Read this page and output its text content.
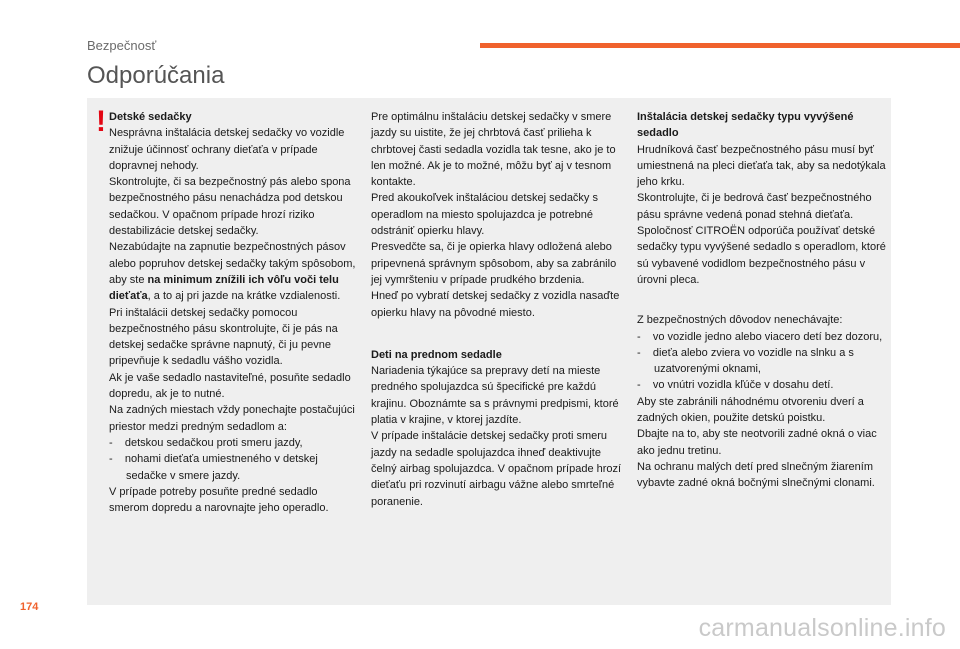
Bezpečnosť
Odporúčania
! Detské sedačky

Nesprávna inštalácia detskej sedačky vo vozidle znižuje účinnosť ochrany dieťaťa v prípade dopravnej nehody.

Skontrolujte, či sa bezpečnostný pás alebo spona bezpečnostného pásu nenachádza pod detskou sedačkou. V opačnom prípade hrozí riziko destabilizácie detskej sedačky.

Nezabúdajte na zapnutie bezpečnostných pásov alebo popruhov detskej sedačky takým spôsobom, aby ste na minimum znížili ich vôľu voči telu dieťaťa, a to aj pri jazde na krátke vzdialenosti.

Pri inštalácii detskej sedačky pomocou bezpečnostného pásu skontrolujte, či je pás na detskej sedačke správne napnutý, či ju pevne pripevňuje k sedadlu vášho vozidla.

Ak je vaše sedadlo nastaviteľné, posuňte sedadlo dopredu, ak je to nutné.

Na zadných miestach vždy ponechajte postačujúci priestor medzi predným sedadlom a:

-    detskou sedačkou proti smeru jazdy,

-    nohami dieťaťa umiestneného v detskej sedačke v smere jazdy.

V prípade potreby posuňte predné sedadlo smerom dopredu a narovnajte jeho operadlo.

Pre optimálnu inštaláciu detskej sedačky v smere jazdy su uistite, že jej chrbtová časť prilieha k chrbtovej časti sedadla vozidla tak tesne, ako je to len možné. Ak je to možné, môžu byť aj v tesnom kontakte.

Pred akoukoľvek inštaláciou detskej sedačky s operadlom na miesto spolujazdca je potrebné odstrániť opierku hlavy.

Presvedčte sa, či je opierka hlavy odložená alebo pripevnená správnym spôsobom, aby sa zabránilo jej vymršteniu v prípade prudkého brzdenia.

Hneď po vybratí detskej sedačky z vozidla nasaďte opierku hlavy na pôvodné miesto.

Deti na prednom sedadle

Nariadenia týkajúce sa prepravy detí na mieste predného spolujazdca sú špecifické pre každú krajinu. Oboznámte sa s právnymi predpismi, ktoré platia v krajine, v ktorej jazdíte.

V prípade inštalácie detskej sedačky proti smeru jazdy na sedadle spolujazdca ihneď deaktivujte čelný airbag spolujazdca. V opačnom prípade hrozí dieťaťu pri rozvinutí airbagu vážne alebo smrteľné poranenie.

Inštalácia detskej sedačky typu vyvýšené sedadlo

Hrudníková časť bezpečnostného pásu musí byť umiestnená na pleci dieťaťa tak, aby sa nedotýkala jeho krku.

Skontrolujte, či je bedrová časť bezpečnostného pásu správne vedená ponad stehná dieťaťa.

Spoločnosť CITROËN odporúča používať detské sedačky typu vyvýšené sedadlo s operadlom, ktoré sú vybavené vodidlom bezpečnostného pásu v úrovni pleca.

Z bezpečnostných dôvodov nenechávajte:

-    vo vozidle jedno alebo viacero detí bez dozoru,

-    dieťa alebo zviera vo vozidle na slnku a s uzatvorenými oknami,

-    vo vnútri vozidla kľúče v dosahu detí.

Aby ste zabránili náhodnému otvoreniu dverí a zadných okien, použite detskú poistku.

Dbajte na to, aby ste neotvorili zadné okná o viac ako jednu tretinu.

Na ochranu malých detí pred slnečným žiarením vybavte zadné okná bočnými slnečnými clonami.

174
carmanualsonline.info
